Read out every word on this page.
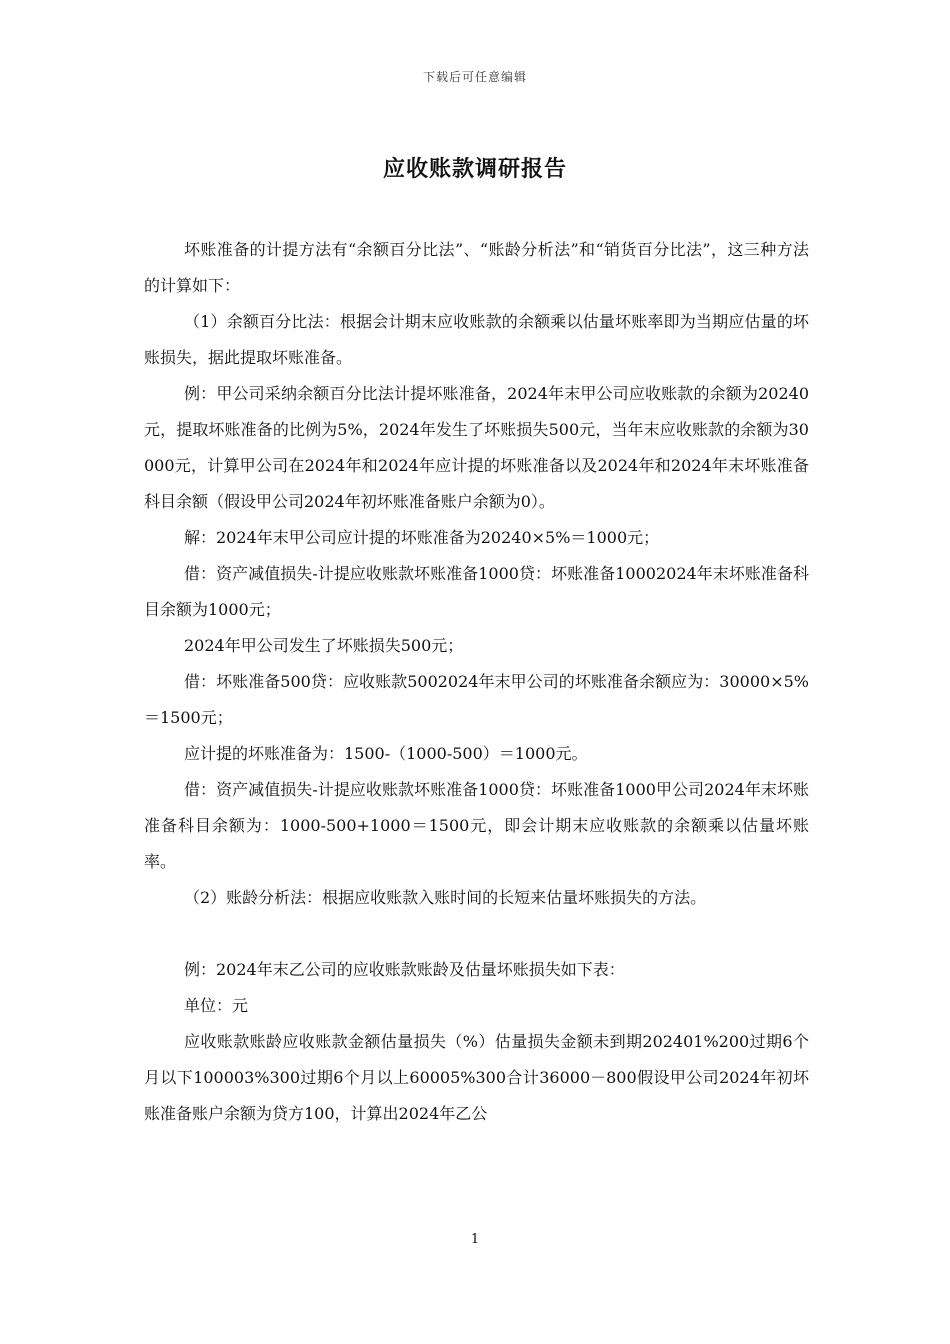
下载后可任意编辑
应收账款调研报告

坏账准备的计提方法有“余额百分比法”、“账龄分析法”和“销货百分比法”，这三种方法的计算如下：

（1）余额百分比法：根据会计期末应收账款的余额乘以估量坏账率即为当期应估量的坏账损失，据此提取坏账准备。

例：甲公司采纳余额百分比法计提坏账准备，2024年末甲公司应收账款的余额为20240元，提取坏账准备的比例为5%，2024年发生了坏账损失500元，当年末应收账款的余额为30000元，计算甲公司在2024年和2024年应计提的坏账准备以及2024年和2024年末坏账准备科目余额（假设甲公司2024年初坏账准备账户余额为0）。

解：2024年末甲公司应计提的坏账准备为20240×5%＝1000元；

借：资产减值损失-计提应收账款坏账准备1000贷：坏账准备10002024年末坏账准备科目余额为1000元；

2024年甲公司发生了坏账损失500元；

借：坏账准备500贷：应收账款5002024年末甲公司的坏账准备余额应为：30000×5%＝1500元；

应计提的坏账准备为：1500-（1000-500）＝1000元。

借：资产减值损失-计提应收账款坏账准备1000贷：坏账准备1000甲公司2024年末坏账准备科目余额为：1000-500+1000＝1500元，即会计期末应收账款的余额乘以估量坏账率。

（2）账龄分析法：根据应收账款入账时间的长短来估量坏账损失的方法。

例：2024年末乙公司的应收账款账龄及估量坏账损失如下表：

单位：元

应收账款账龄应收账款金额估量损失（%）估量损失金额未到期202401%200过期6个月以下100003%300过期6个月以上60005%300合计36000－800假设甲公司2024年初坏账准备账户余额为贷方100，计算出2024年乙公

1
